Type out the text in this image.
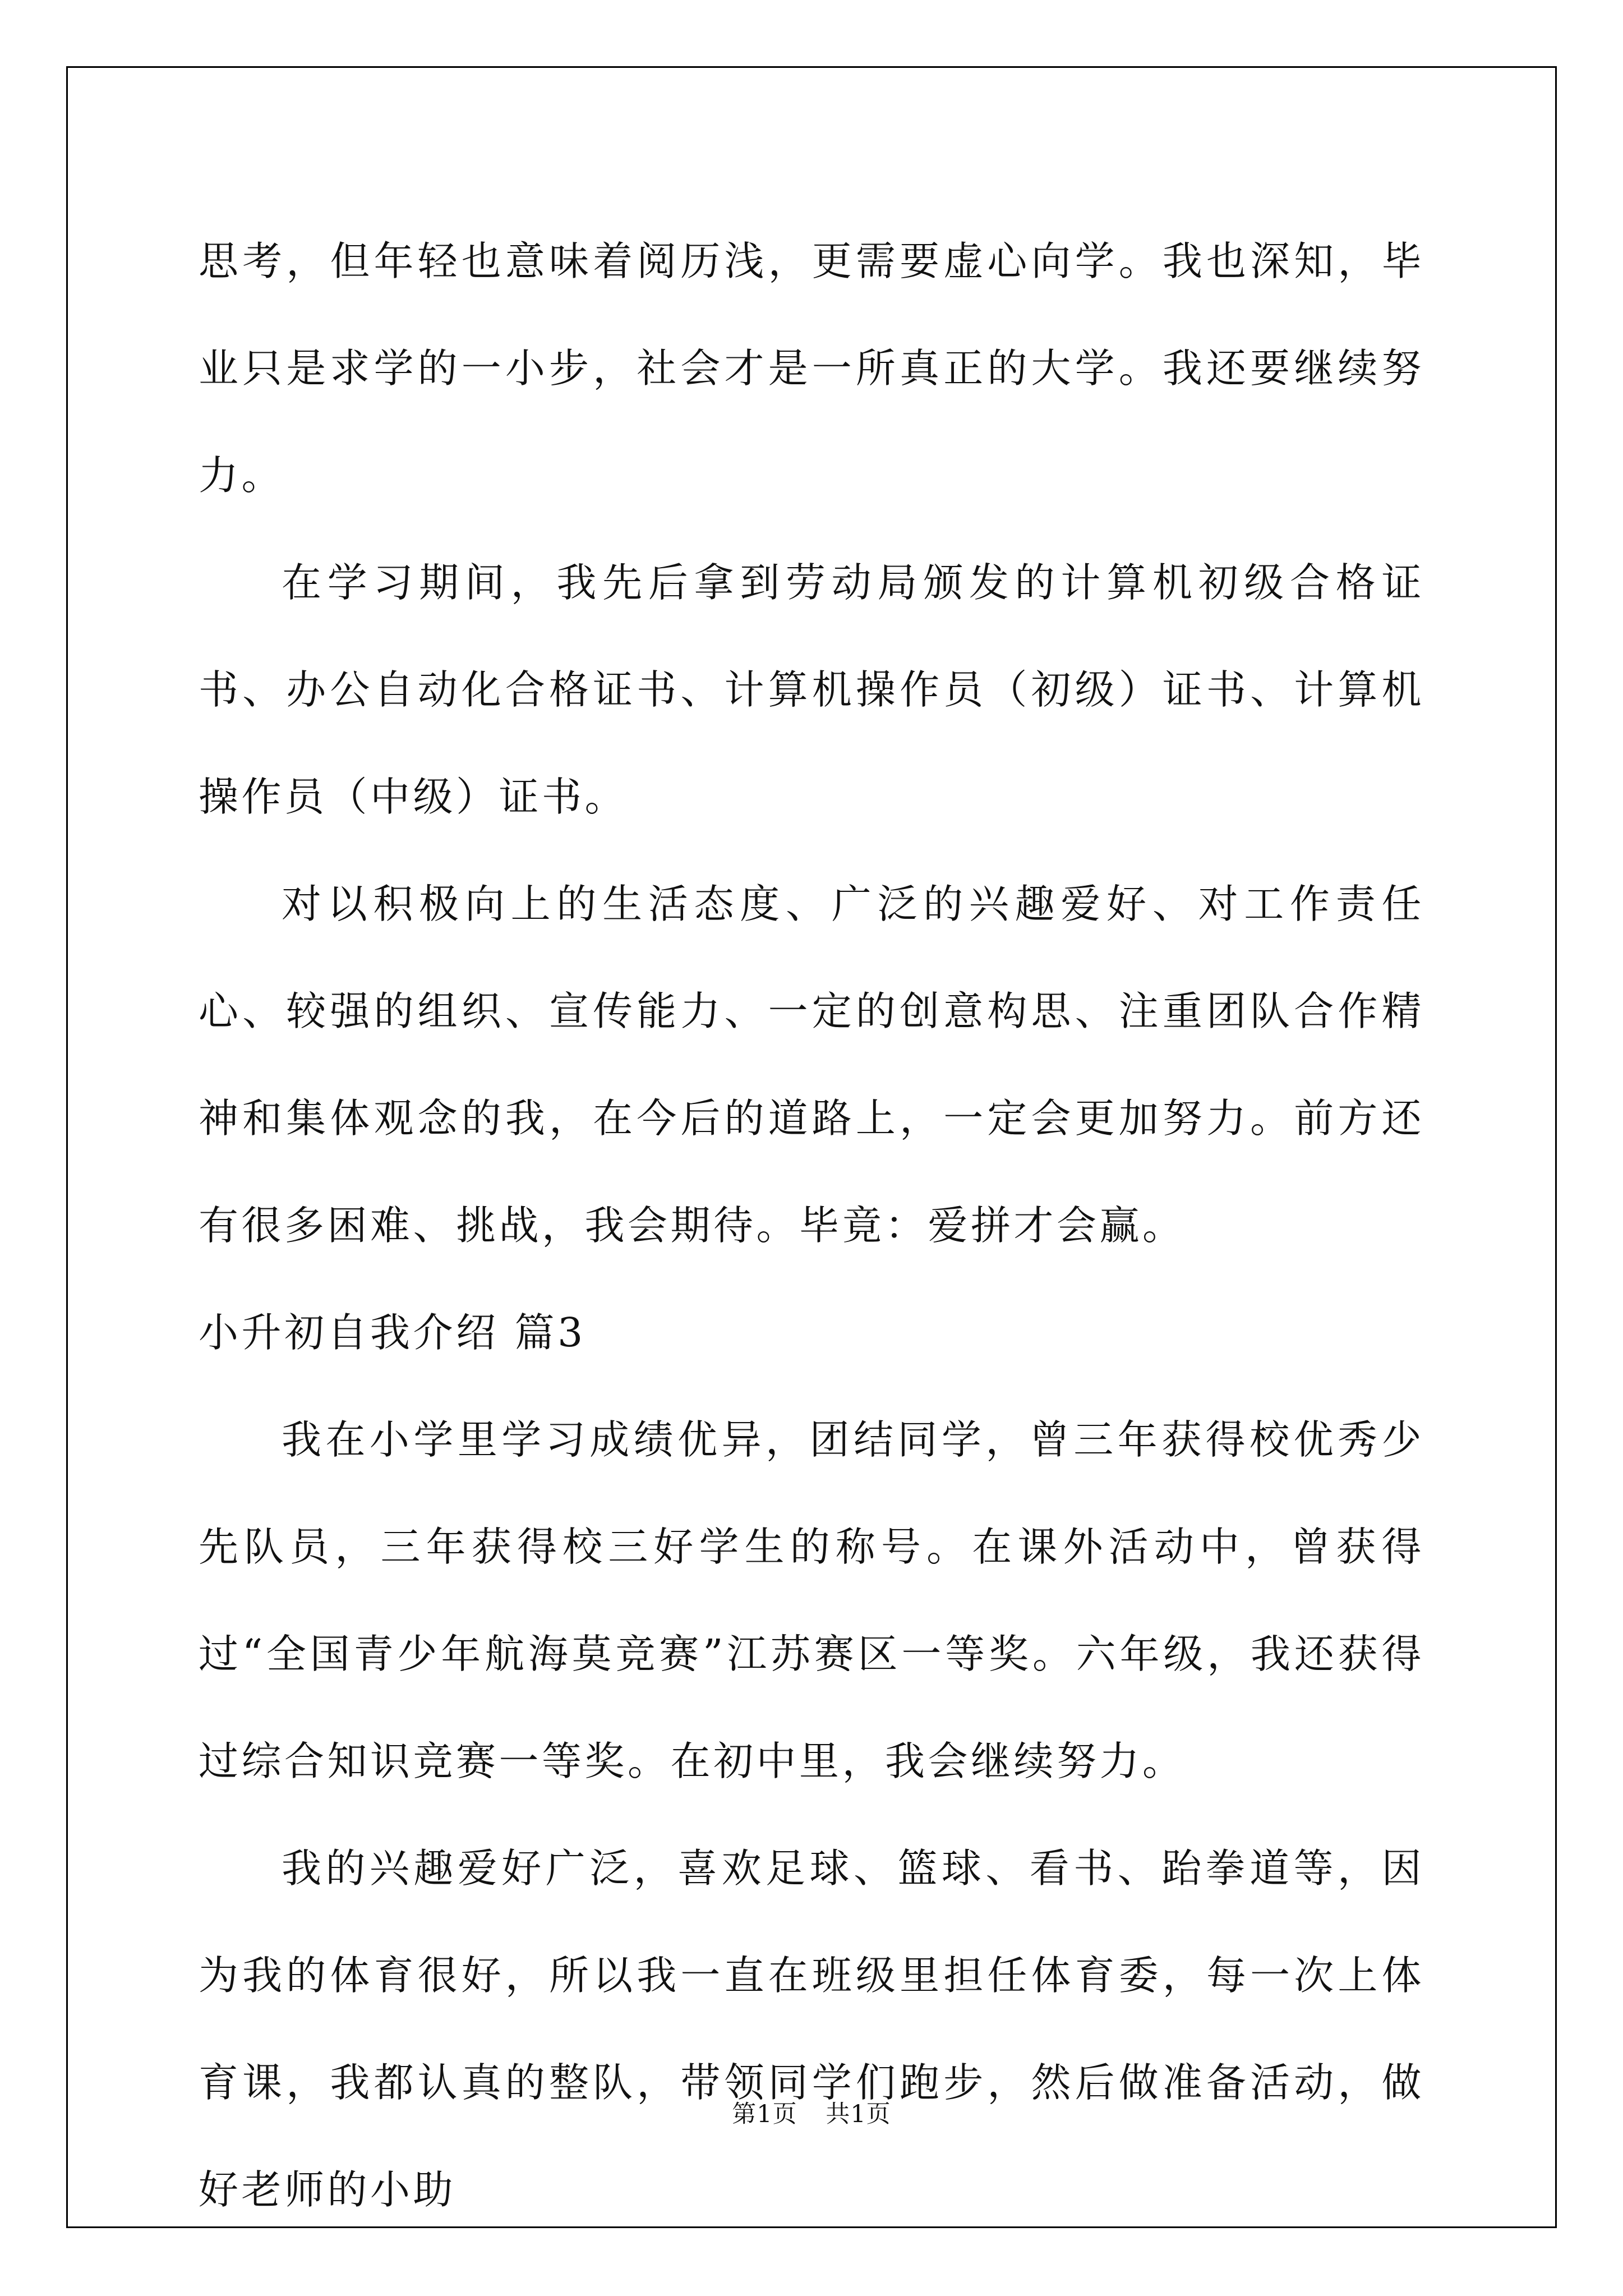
思考，但年轻也意味着阅历浅，更需要虚心向学。我也深知，毕业只是求学的一小步，社会才是一所真正的大学。我还要继续努力。

在学习期间，我先后拿到劳动局颁发的计算机初级合格证书、办公自动化合格证书、计算机操作员（初级）证书、计算机操作员（中级）证书。

对以积极向上的生活态度、广泛的兴趣爱好、对工作责任心、较强的组织、宣传能力、一定的创意构思、注重团队合作精神和集体观念的我，在今后的道路上，一定会更加努力。前方还有很多困难、挑战，我会期待。毕竟：爱拼才会赢。

小升初自我介绍 篇3

我在小学里学习成绩优异，团结同学，曾三年获得校优秀少先队员，三年获得校三好学生的称号。在课外活动中，曾获得过“全国青少年航海莫竞赛”江苏赛区一等奖。六年级，我还获得过综合知识竞赛一等奖。在初中里，我会继续努力。

我的兴趣爱好广泛，喜欢足球、篮球、看书、跆拳道等，因为我的体育很好，所以我一直在班级里担任体育委，每一次上体育课，我都认真的整队，带领同学们跑步，然后做准备活动，做好老师的小助

第1页 共1页
